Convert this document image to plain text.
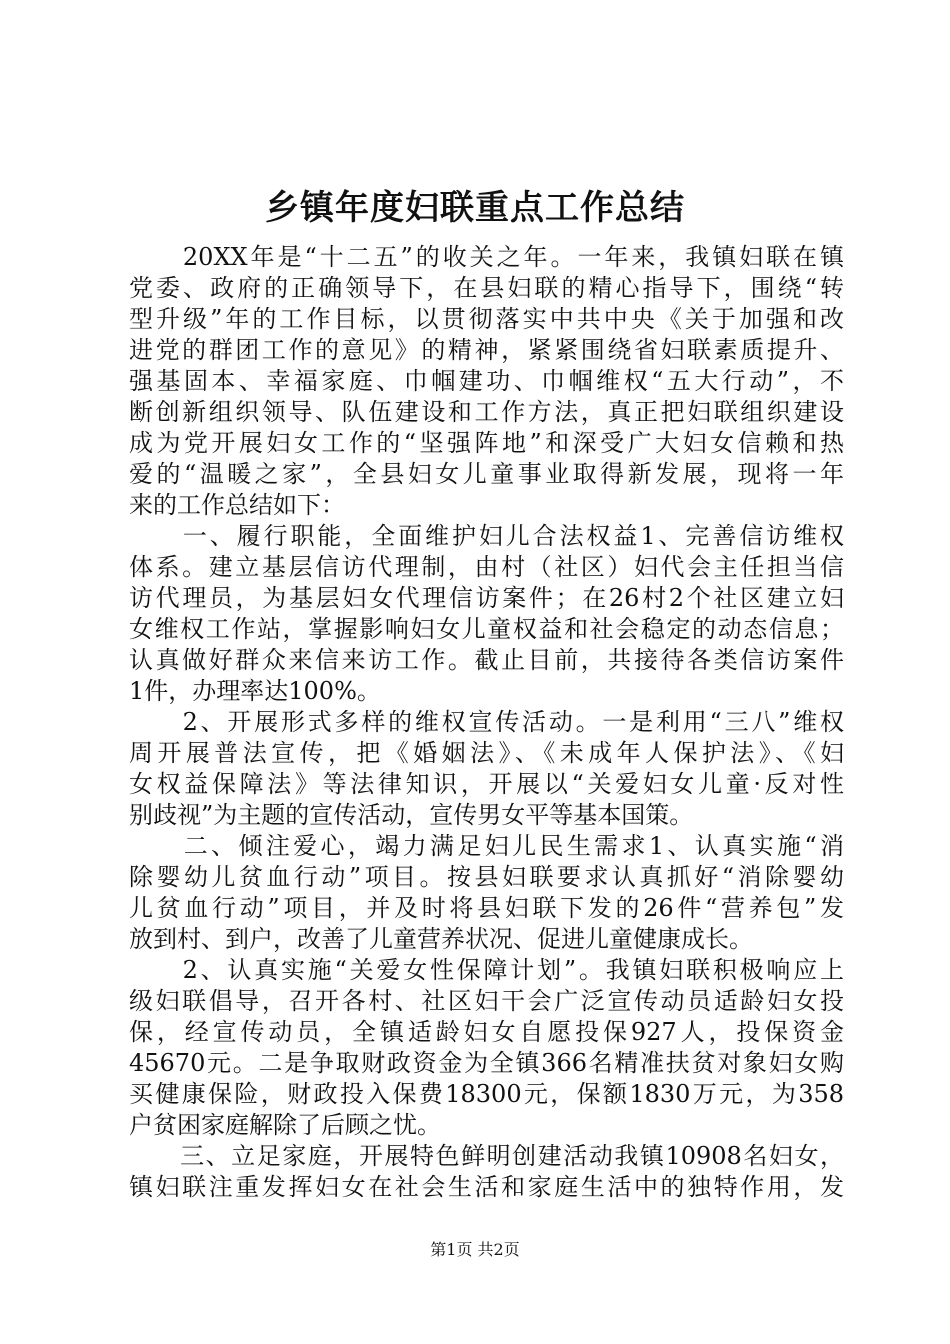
乡镇年度妇联重点工作总结
　　20XX年是“十二五”的收关之年。一年来，我镇妇联在镇
党委、政府的正确领导下，在县妇联的精心指导下，围绕“转
型升级”年的工作目标，以贯彻落实中共中央《关于加强和改
进党的群团工作的意见》的精神，紧紧围绕省妇联素质提升、
强基固本、幸福家庭、巾帼建功、巾帼维权“五大行动”，不
断创新组织领导、队伍建设和工作方法，真正把妇联组织建设
成为党开展妇女工作的“坚强阵地”和深受广大妇女信赖和热
爱的“温暖之家”，全县妇女儿童事业取得新发展，现将一年
来的工作总结如下：
　　一、履行职能，全面维护妇儿合法权益1、完善信访维权
体系。建立基层信访代理制，由村（社区）妇代会主任担当信
访代理员，为基层妇女代理信访案件；在26村2个社区建立妇
女维权工作站，掌握影响妇女儿童权益和社会稳定的动态信息；
认真做好群众来信来访工作。截止目前，共接待各类信访案件
1件，办理率达100%。
　　2、开展形式多样的维权宣传活动。一是利用“三八”维权
周开展普法宣传，把《婚姻法》、《未成年人保护法》、《妇
女权益保障法》等法律知识，开展以“关爱妇女儿童·反对性
别歧视”为主题的宣传活动，宣传男女平等基本国策。
　　二、倾注爱心，竭力满足妇儿民生需求1、认真实施“消
除婴幼儿贫血行动”项目。按县妇联要求认真抓好“消除婴幼
儿贫血行动”项目，并及时将县妇联下发的26件“营养包”发
放到村、到户，改善了儿童营养状况、促进儿童健康成长。
　　2、认真实施“关爱女性保障计划”。我镇妇联积极响应上
级妇联倡导，召开各村、社区妇干会广泛宣传动员适龄妇女投
保，经宣传动员，全镇适龄妇女自愿投保927人，投保资金
45670元。二是争取财政资金为全镇366名精准扶贫对象妇女购
买健康保险，财政投入保费18300元，保额1830万元，为358
户贫困家庭解除了后顾之忧。
　　三、立足家庭，开展特色鲜明创建活动我镇10908名妇女，
镇妇联注重发挥妇女在社会生活和家庭生活中的独特作用，发
第1页 共2页
